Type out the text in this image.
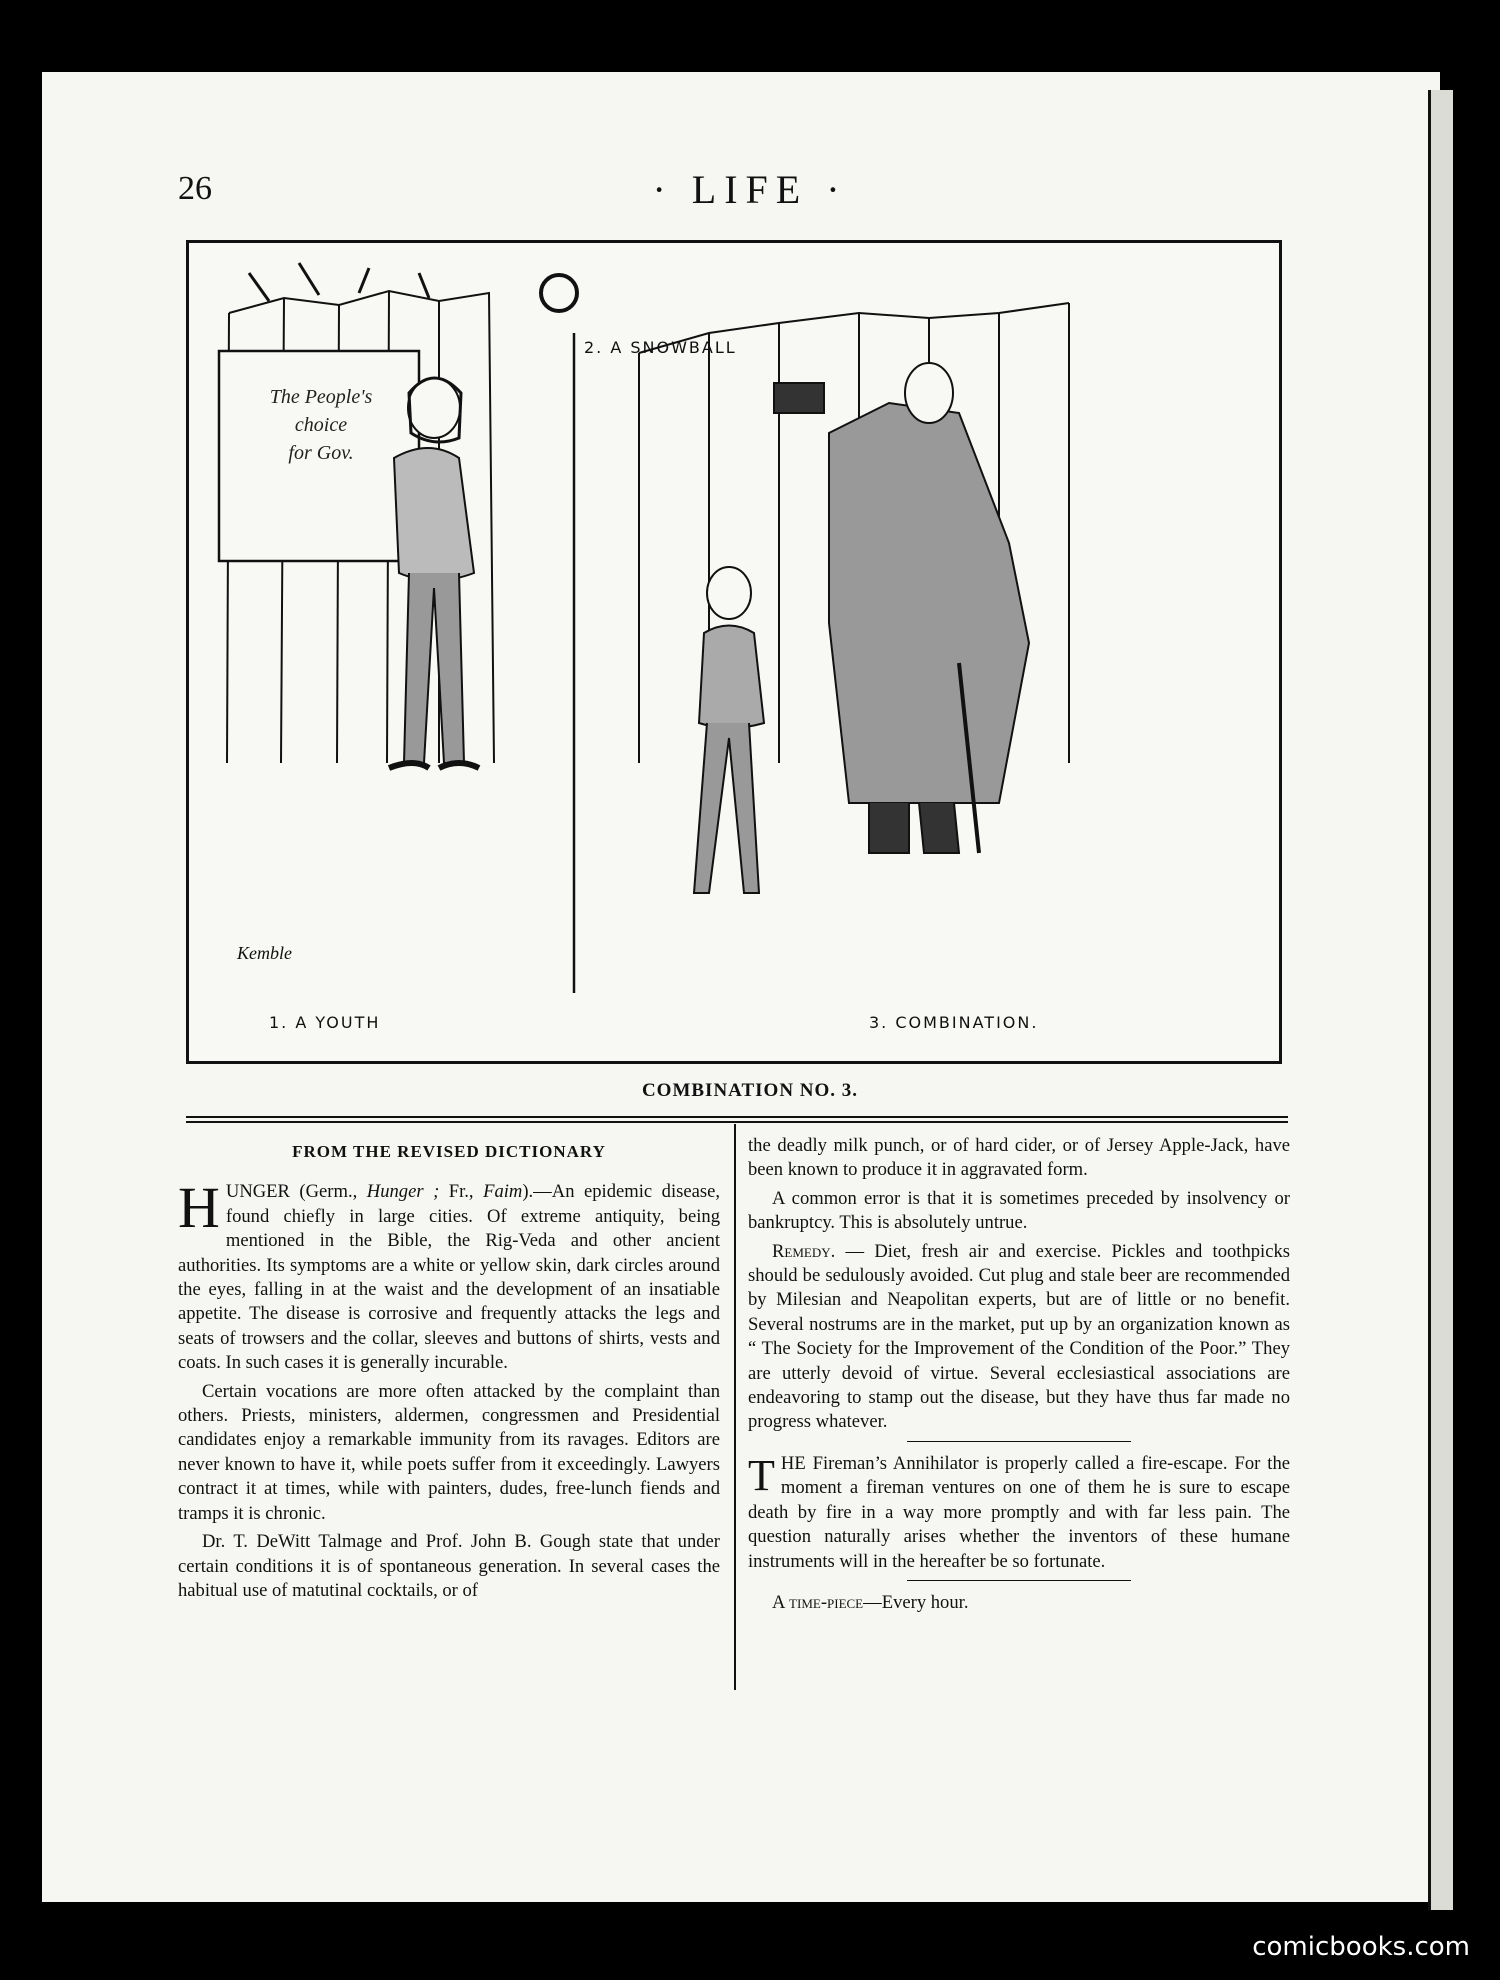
26	· LIFE ·
1. A YOUTH
2. A SNOWBALL
3. COMBINATION.
The People's
choice
for Gov.
Kemble
COMBINATION NO. 3.
FROM THE REVISED DICTIONARY

HUNGER (Germ., Hunger ; Fr., Faim).—An epidemic disease, found chiefly in large cities. Of extreme antiquity, being mentioned in the Bible, the Rig-Veda and other ancient authorities. Its symptoms are a white or yellow skin, dark circles around the eyes, falling in at the waist and the development of an insatiable appetite. The disease is corrosive and frequently attacks the legs and seats of trowsers and the collar, sleeves and buttons of shirts, vests and coats. In such cases it is generally incurable.

Certain vocations are more often attacked by the complaint than others. Priests, ministers, aldermen, congressmen and Presidential candidates enjoy a remarkable immunity from its ravages. Editors are never known to have it, while poets suffer from it exceedingly. Lawyers contract it at times, while with painters, dudes, free-lunch fiends and tramps it is chronic.

Dr. T. DeWitt Talmage and Prof. John B. Gough state that under certain conditions it is of spontaneous generation. In several cases the habitual use of matutinal cocktails, or of

the deadly milk punch, or of hard cider, or of Jersey Apple-Jack, have been known to produce it in aggravated form.

A common error is that it is sometimes preceded by insolvency or bankruptcy. This is absolutely untrue.

Remedy. — Diet, fresh air and exercise. Pickles and toothpicks should be sedulously avoided. Cut plug and stale beer are recommended by Milesian and Neapolitan experts, but are of little or no benefit. Several nostrums are in the market, put up by an organization known as “ The Society for the Improvement of the Condition of the Poor.” They are utterly devoid of virtue. Several ecclesiastical associations are endeavoring to stamp out the disease, but they have thus far made no progress whatever.

THE Fireman’s Annihilator is properly called a fire-escape. For the moment a fireman ventures on one of them he is sure to escape death by fire in a way more promptly and with far less pain. The question naturally arises whether the inventors of these humane instruments will in the hereafter be so fortunate.

A time-piece—Every hour.

comicbooks.com
